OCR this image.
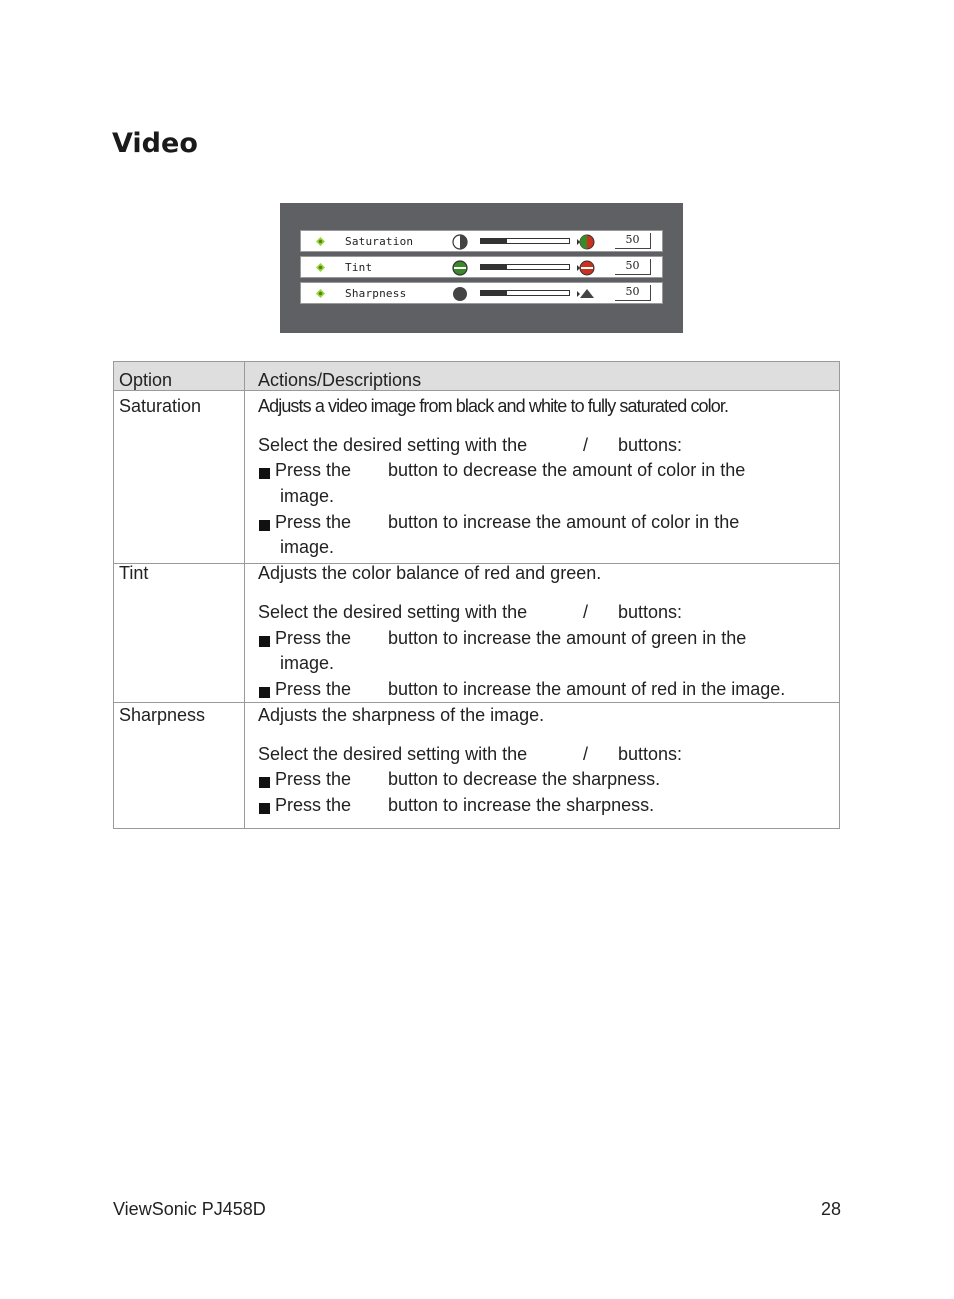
Video
Saturation	50
Tint	50
Sharpness	50
Option	Actions/Descriptions
Saturation	Adjusts a video image from black and white to fully saturated color.
Select the desired setting with the	/ buttons:
Press the button to decrease the amount of color in the
image.
Press the button to increase the amount of color in the
image.
Tint	Adjusts the color balance of red and green.
Select the desired setting with the	/ buttons:
Press the button to increase the amount of green in the
image.
Press the button to increase the amount of red in the image.
Sharpness	Adjusts the sharpness of the image.
Select the desired setting with the	/ buttons:
Press the button to decrease the sharpness.
Press the button to increase the sharpness.
ViewSonic PJ458D	28
